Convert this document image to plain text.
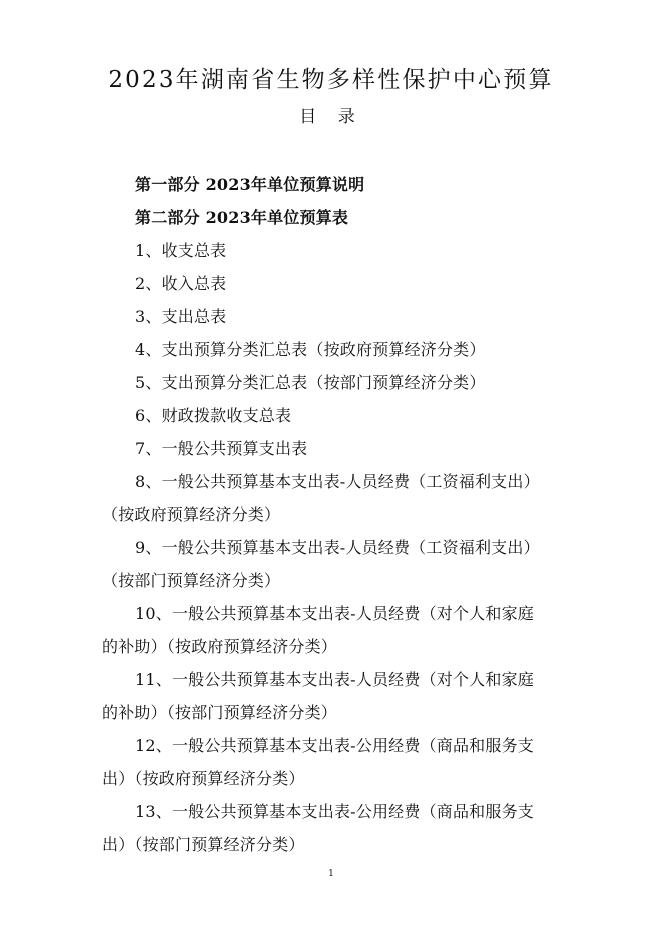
2023年湖南省生物多样性保护中心预算
目 录
第一部分 2023年单位预算说明
第二部分 2023年单位预算表
1、收支总表
2、收入总表
3、支出总表
4、支出预算分类汇总表（按政府预算经济分类）
5、支出预算分类汇总表（按部门预算经济分类）
6、财政拨款收支总表
7、一般公共预算支出表
8、一般公共预算基本支出表-人员经费（工资福利支出）
（按政府预算经济分类）
9、一般公共预算基本支出表-人员经费（工资福利支出）
（按部门预算经济分类）
10、一般公共预算基本支出表-人员经费（对个人和家庭
的补助）（按政府预算经济分类）
11、一般公共预算基本支出表-人员经费（对个人和家庭
的补助）（按部门预算经济分类）
12、一般公共预算基本支出表-公用经费（商品和服务支
出）（按政府预算经济分类）
13、一般公共预算基本支出表-公用经费（商品和服务支
出）（按部门预算经济分类）
1
